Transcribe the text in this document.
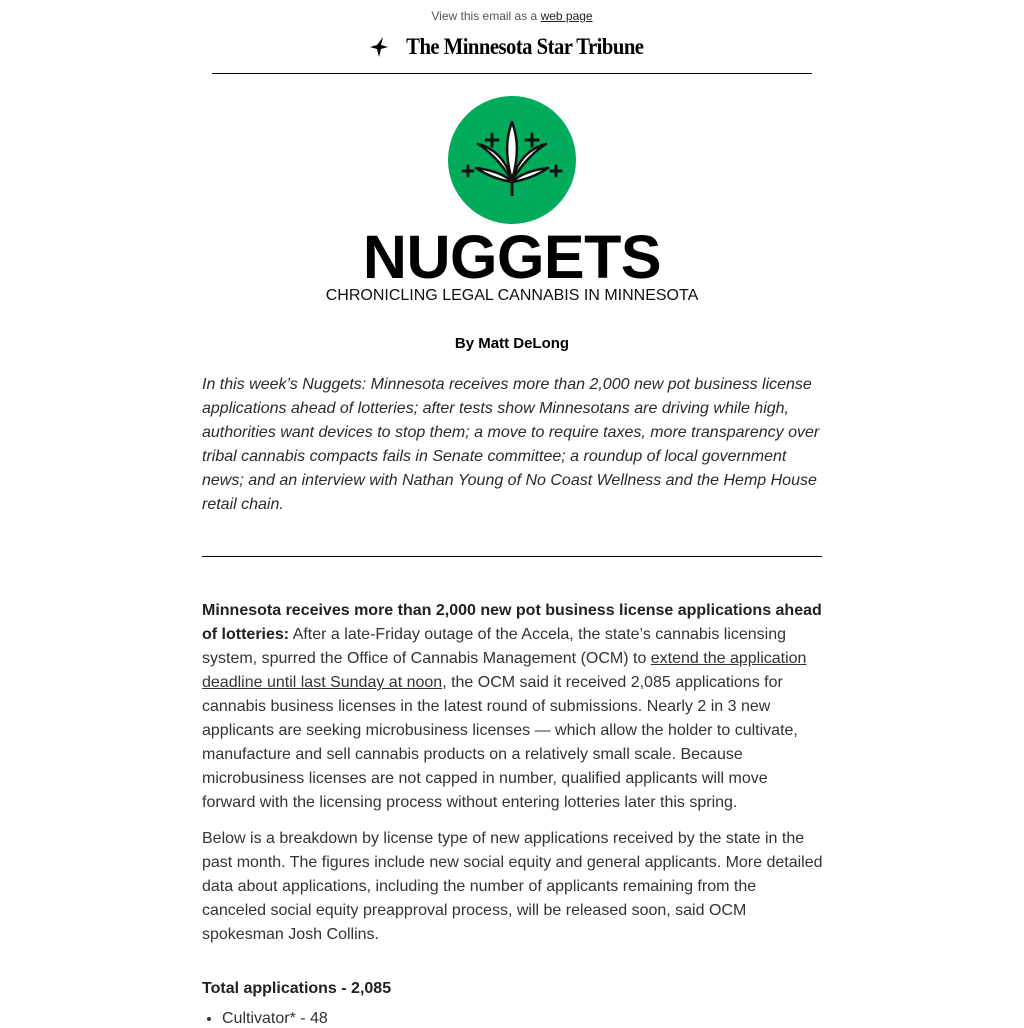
View this email as a web page
The Minnesota Star Tribune
NUGGETS
CHRONICLING LEGAL CANNABIS IN MINNESOTA
By Matt DeLong

In this week’s Nuggets: Minnesota receives more than 2,000 new pot business license applications ahead of lotteries; after tests show Minnesotans are driving while high, authorities want devices to stop them; a move to require taxes, more transparency over tribal cannabis compacts fails in Senate committee; a roundup of local government news; and an interview with Nathan Young of No Coast Wellness and the Hemp House retail chain.

Minnesota receives more than 2,000 new pot business license applications ahead of lotteries: After a late-Friday outage of the Accela, the state’s cannabis licensing system, spurred the Office of Cannabis Management (OCM) to extend the application deadline until last Sunday at noon, the OCM said it received 2,085 applications for cannabis business licenses in the latest round of submissions. Nearly 2 in 3 new applicants are seeking microbusiness licenses — which allow the holder to cultivate, manufacture and sell cannabis products on a relatively small scale. Because microbusiness licenses are not capped in number, qualified applicants will move forward with the licensing process without entering lotteries later this spring.

Below is a breakdown by license type of new applications received by the state in the past month. The figures include new social equity and general applicants. More detailed data about applications, including the number of applicants remaining from the canceled social equity preapproval process, will be released soon, said OCM spokesman Josh Collins.

Total applications - 2,085
• Cultivator* - 48
